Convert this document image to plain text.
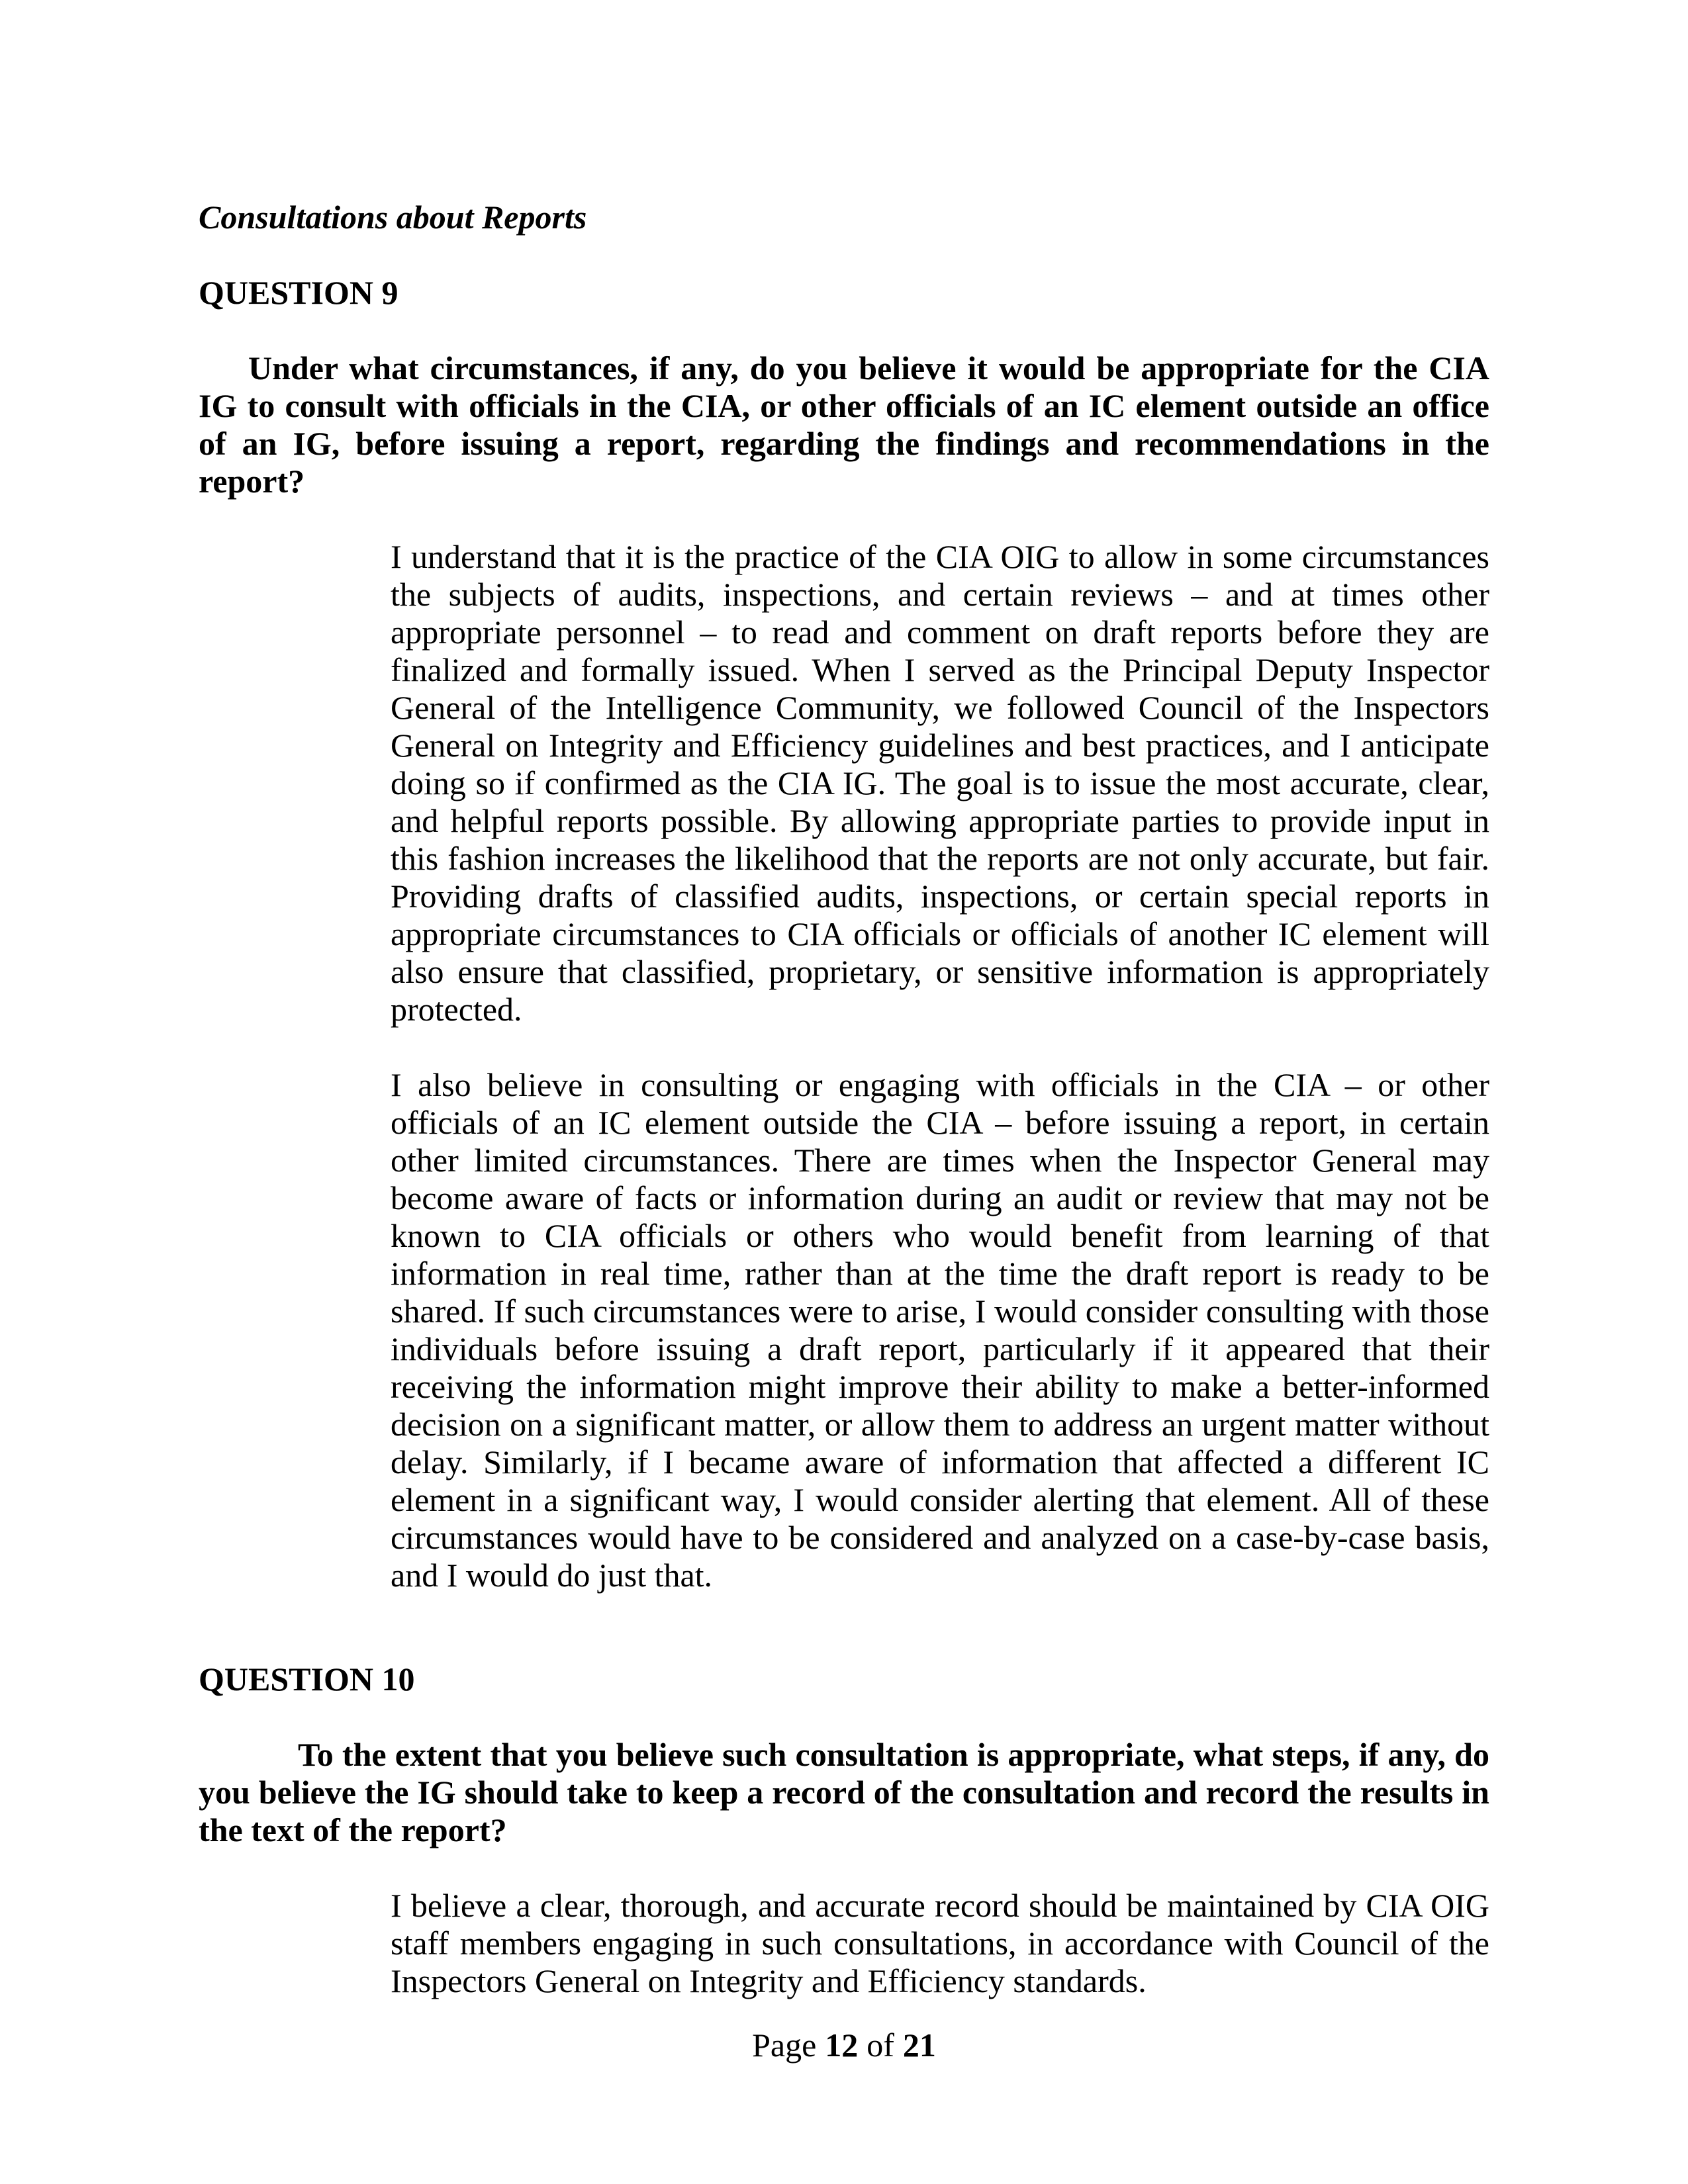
Consultations about Reports
QUESTION 9
Under what circumstances, if any, do you believe it would be appropriate for the CIA IG to consult with officials in the CIA, or other officials of an IC element outside an office of an IG, before issuing a report, regarding the findings and recommendations in the report?
I understand that it is the practice of the CIA OIG to allow in some circumstances the subjects of audits, inspections, and certain reviews – and at times other appropriate personnel – to read and comment on draft reports before they are finalized and formally issued. When I served as the Principal Deputy Inspector General of the Intelligence Community, we followed Council of the Inspectors General on Integrity and Efficiency guidelines and best practices, and I anticipate doing so if confirmed as the CIA IG. The goal is to issue the most accurate, clear, and helpful reports possible. By allowing appropriate parties to provide input in this fashion increases the likelihood that the reports are not only accurate, but fair. Providing drafts of classified audits, inspections, or certain special reports in appropriate circumstances to CIA officials or officials of another IC element will also ensure that classified, proprietary, or sensitive information is appropriately protected.
I also believe in consulting or engaging with officials in the CIA – or other officials of an IC element outside the CIA – before issuing a report, in certain other limited circumstances. There are times when the Inspector General may become aware of facts or information during an audit or review that may not be known to CIA officials or others who would benefit from learning of that information in real time, rather than at the time the draft report is ready to be shared. If such circumstances were to arise, I would consider consulting with those individuals before issuing a draft report, particularly if it appeared that their receiving the information might improve their ability to make a better-informed decision on a significant matter, or allow them to address an urgent matter without delay. Similarly, if I became aware of information that affected a different IC element in a significant way, I would consider alerting that element. All of these circumstances would have to be considered and analyzed on a case-by-case basis, and I would do just that.
QUESTION 10
To the extent that you believe such consultation is appropriate, what steps, if any, do you believe the IG should take to keep a record of the consultation and record the results in the text of the report?
I believe a clear, thorough, and accurate record should be maintained by CIA OIG staff members engaging in such consultations, in accordance with Council of the Inspectors General on Integrity and Efficiency standards.
Page 12 of 21
